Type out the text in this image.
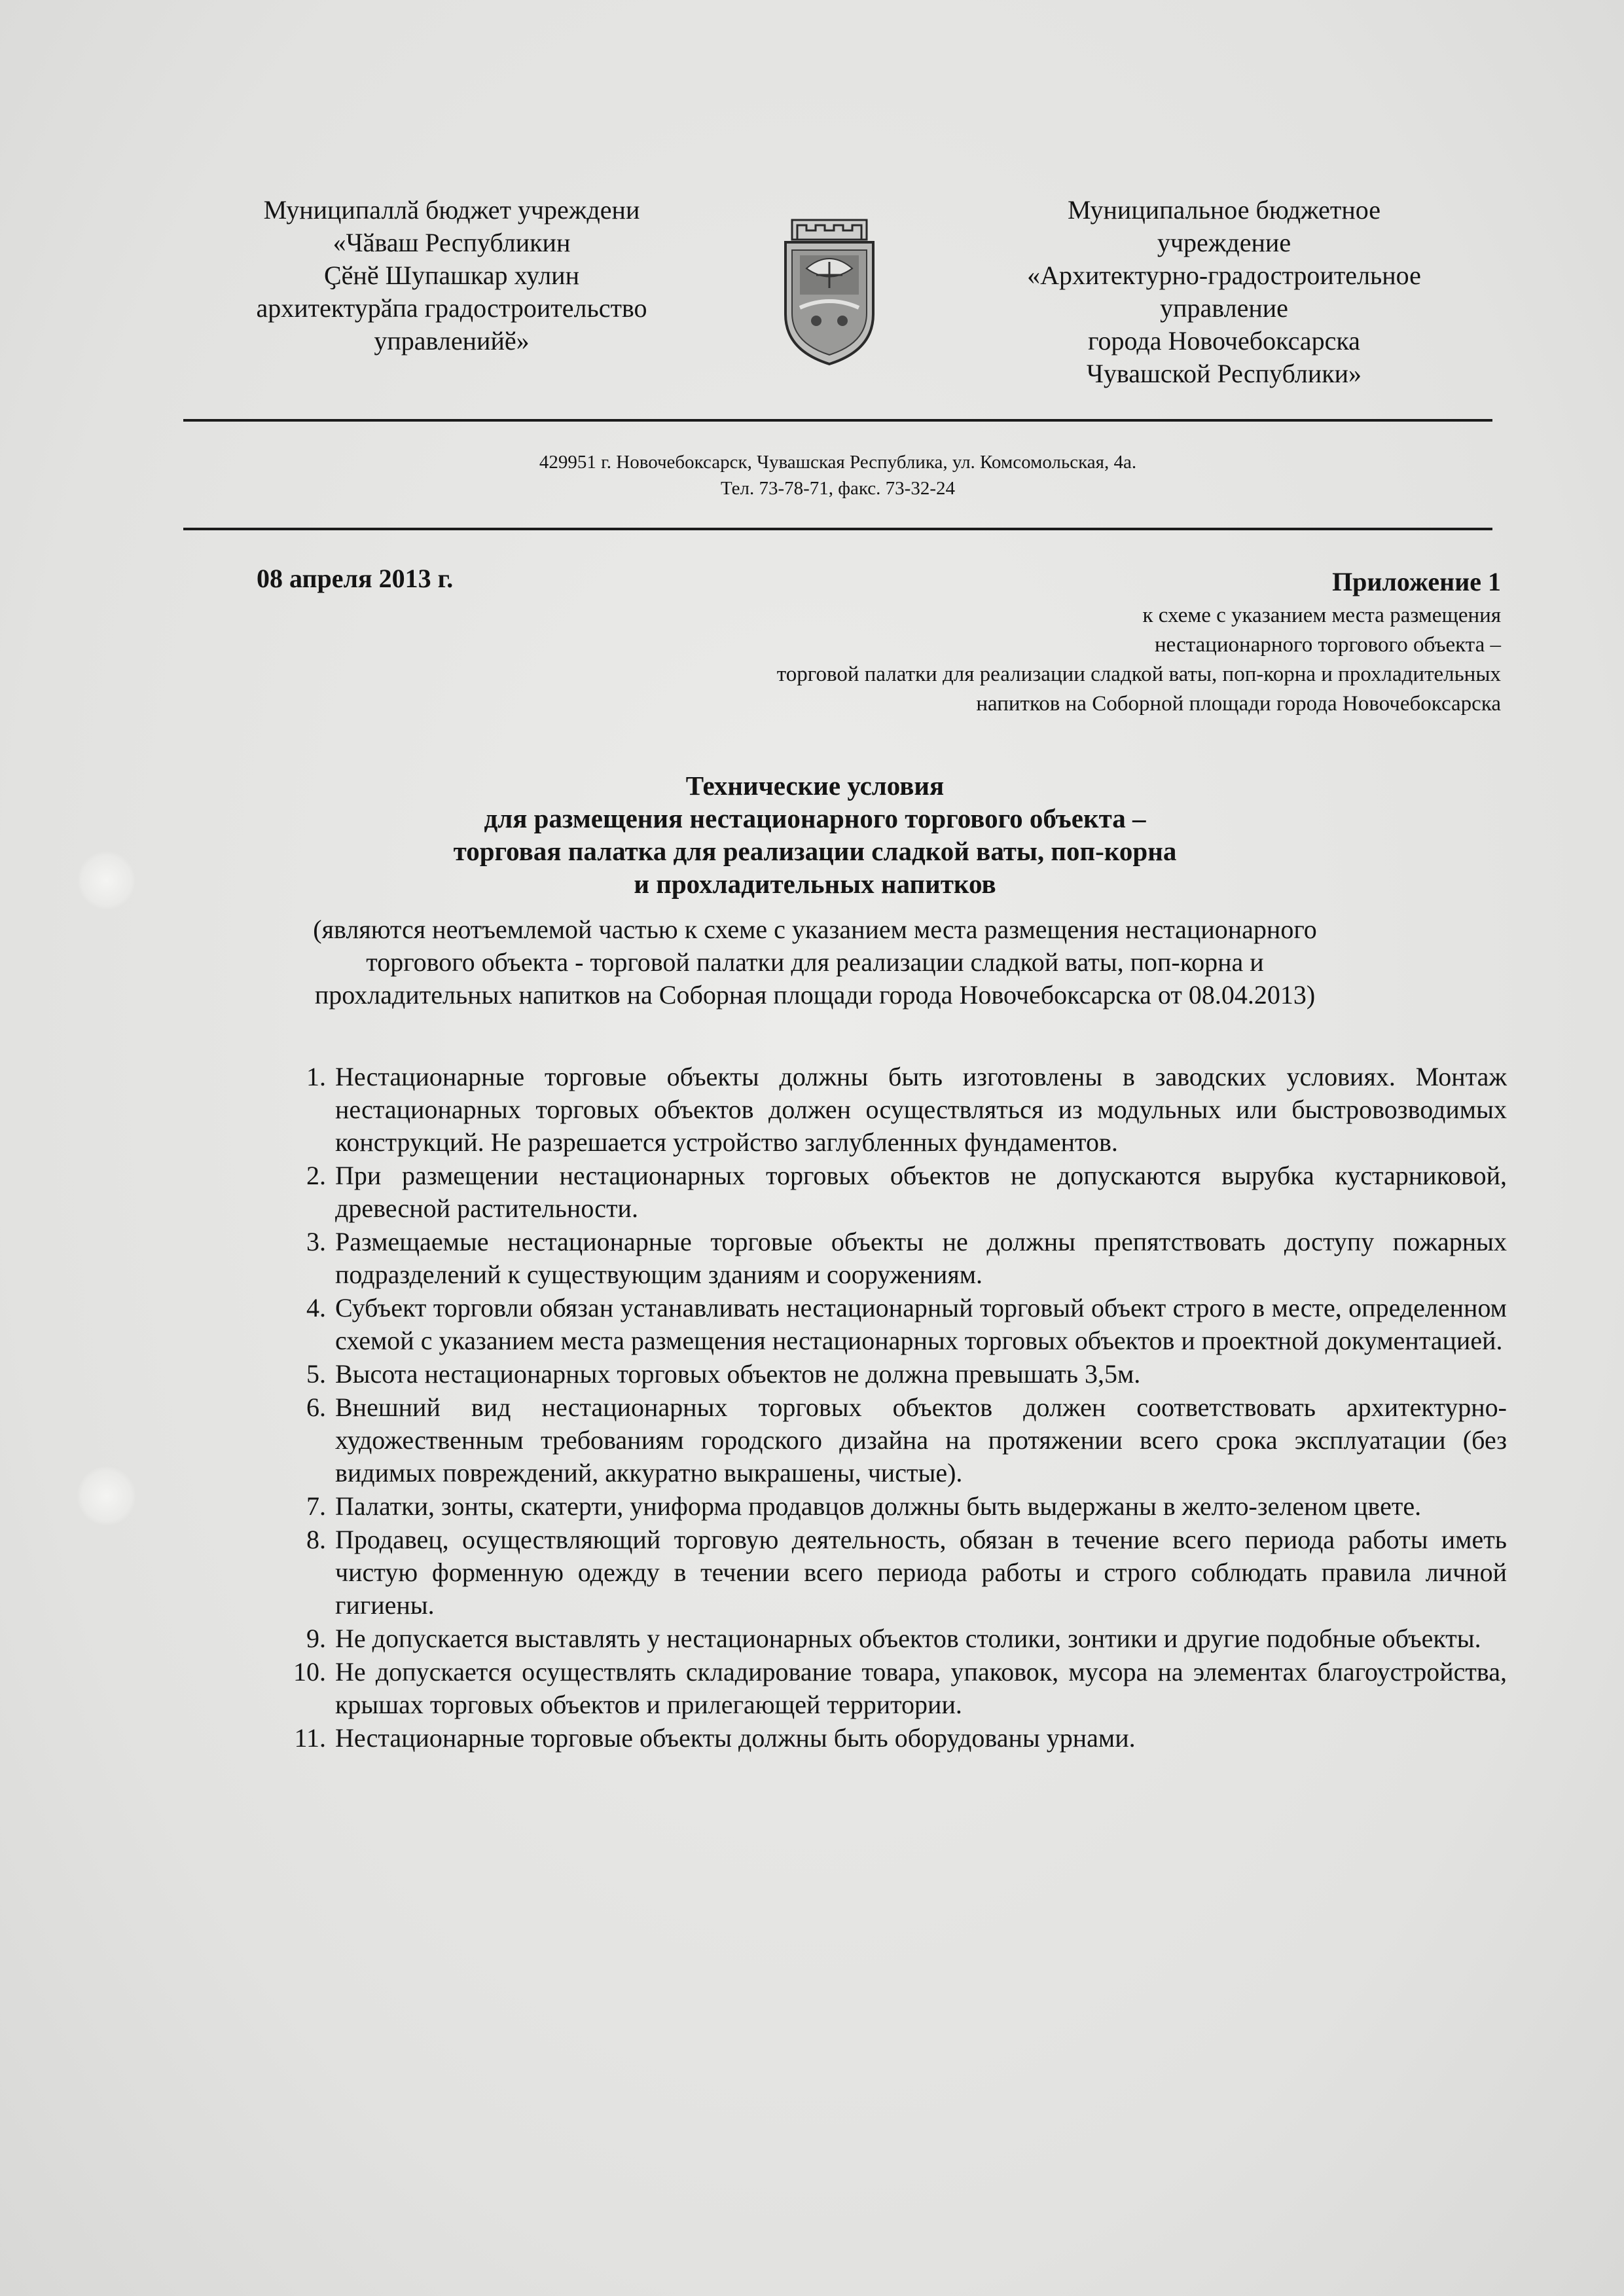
Муниципаллӑ бюджет учреждени
«Чӑваш Республикин
Ҫӗнӗ Шупашкар хулин
архитектурӑпа градостроительство
управленийӗ»
Муниципальное бюджетное
учреждение
«Архитектурно-градостроительное
управление
города Новочебоксарска
Чувашской Республики»
429951 г. Новочебоксарск, Чувашская Республика, ул. Комсомольская, 4а.
Тел. 73-78-71, факс. 73-32-24
08 апреля 2013 г.	Приложение 1
к схеме с указанием места размещения
нестационарного торгового объекта –
торговой палатки для реализации сладкой ваты, поп-корна и прохладительных
напитков на Соборной площади города Новочебоксарска
Технические условия
для размещения нестационарного торгового объекта –
торговая палатка для реализации сладкой ваты, поп-корна
и прохладительных напитков
(являются неотъемлемой частью к схеме с указанием места размещения нестационарного
торгового объекта - торговой палатки для реализации сладкой ваты, поп-корна и
прохладительных напитков на Соборная площади города Новочебоксарска от 08.04.2013)
1. Нестационарные торговые объекты должны быть изготовлены в заводских условиях. Монтаж нестационарных торговых объектов должен осуществляться из модульных или быстровозводимых конструкций. Не разрешается устройство заглубленных фундаментов.
2. При размещении нестационарных торговых объектов не допускаются вырубка кустарниковой, древесной растительности.
3. Размещаемые нестационарные торговые объекты не должны препятствовать доступу пожарных подразделений к существующим зданиям и сооружениям.
4. Субъект торговли обязан устанавливать нестационарный торговый объект строго в месте, определенном схемой с указанием места размещения нестационарных торговых объектов и проектной документацией.
5. Высота нестационарных торговых объектов не должна превышать 3,5м.
6. Внешний вид нестационарных торговых объектов должен соответствовать архитектурно-художественным требованиям городского дизайна на протяжении всего срока эксплуатации (без видимых повреждений, аккуратно выкрашены, чистые).
7. Палатки, зонты, скатерти, униформа продавцов должны быть выдержаны в желто-зеленом цвете.
8. Продавец, осуществляющий торговую деятельность, обязан в течение всего периода работы иметь чистую форменную одежду в течении всего периода работы и строго соблюдать правила личной гигиены.
9. Не допускается выставлять у нестационарных объектов столики, зонтики и другие подобные объекты.
10. Не допускается осуществлять складирование товара, упаковок, мусора на элементах благоустройства, крышах торговых объектов и прилегающей территории.
11. Нестационарные торговые объекты должны быть оборудованы урнами.
